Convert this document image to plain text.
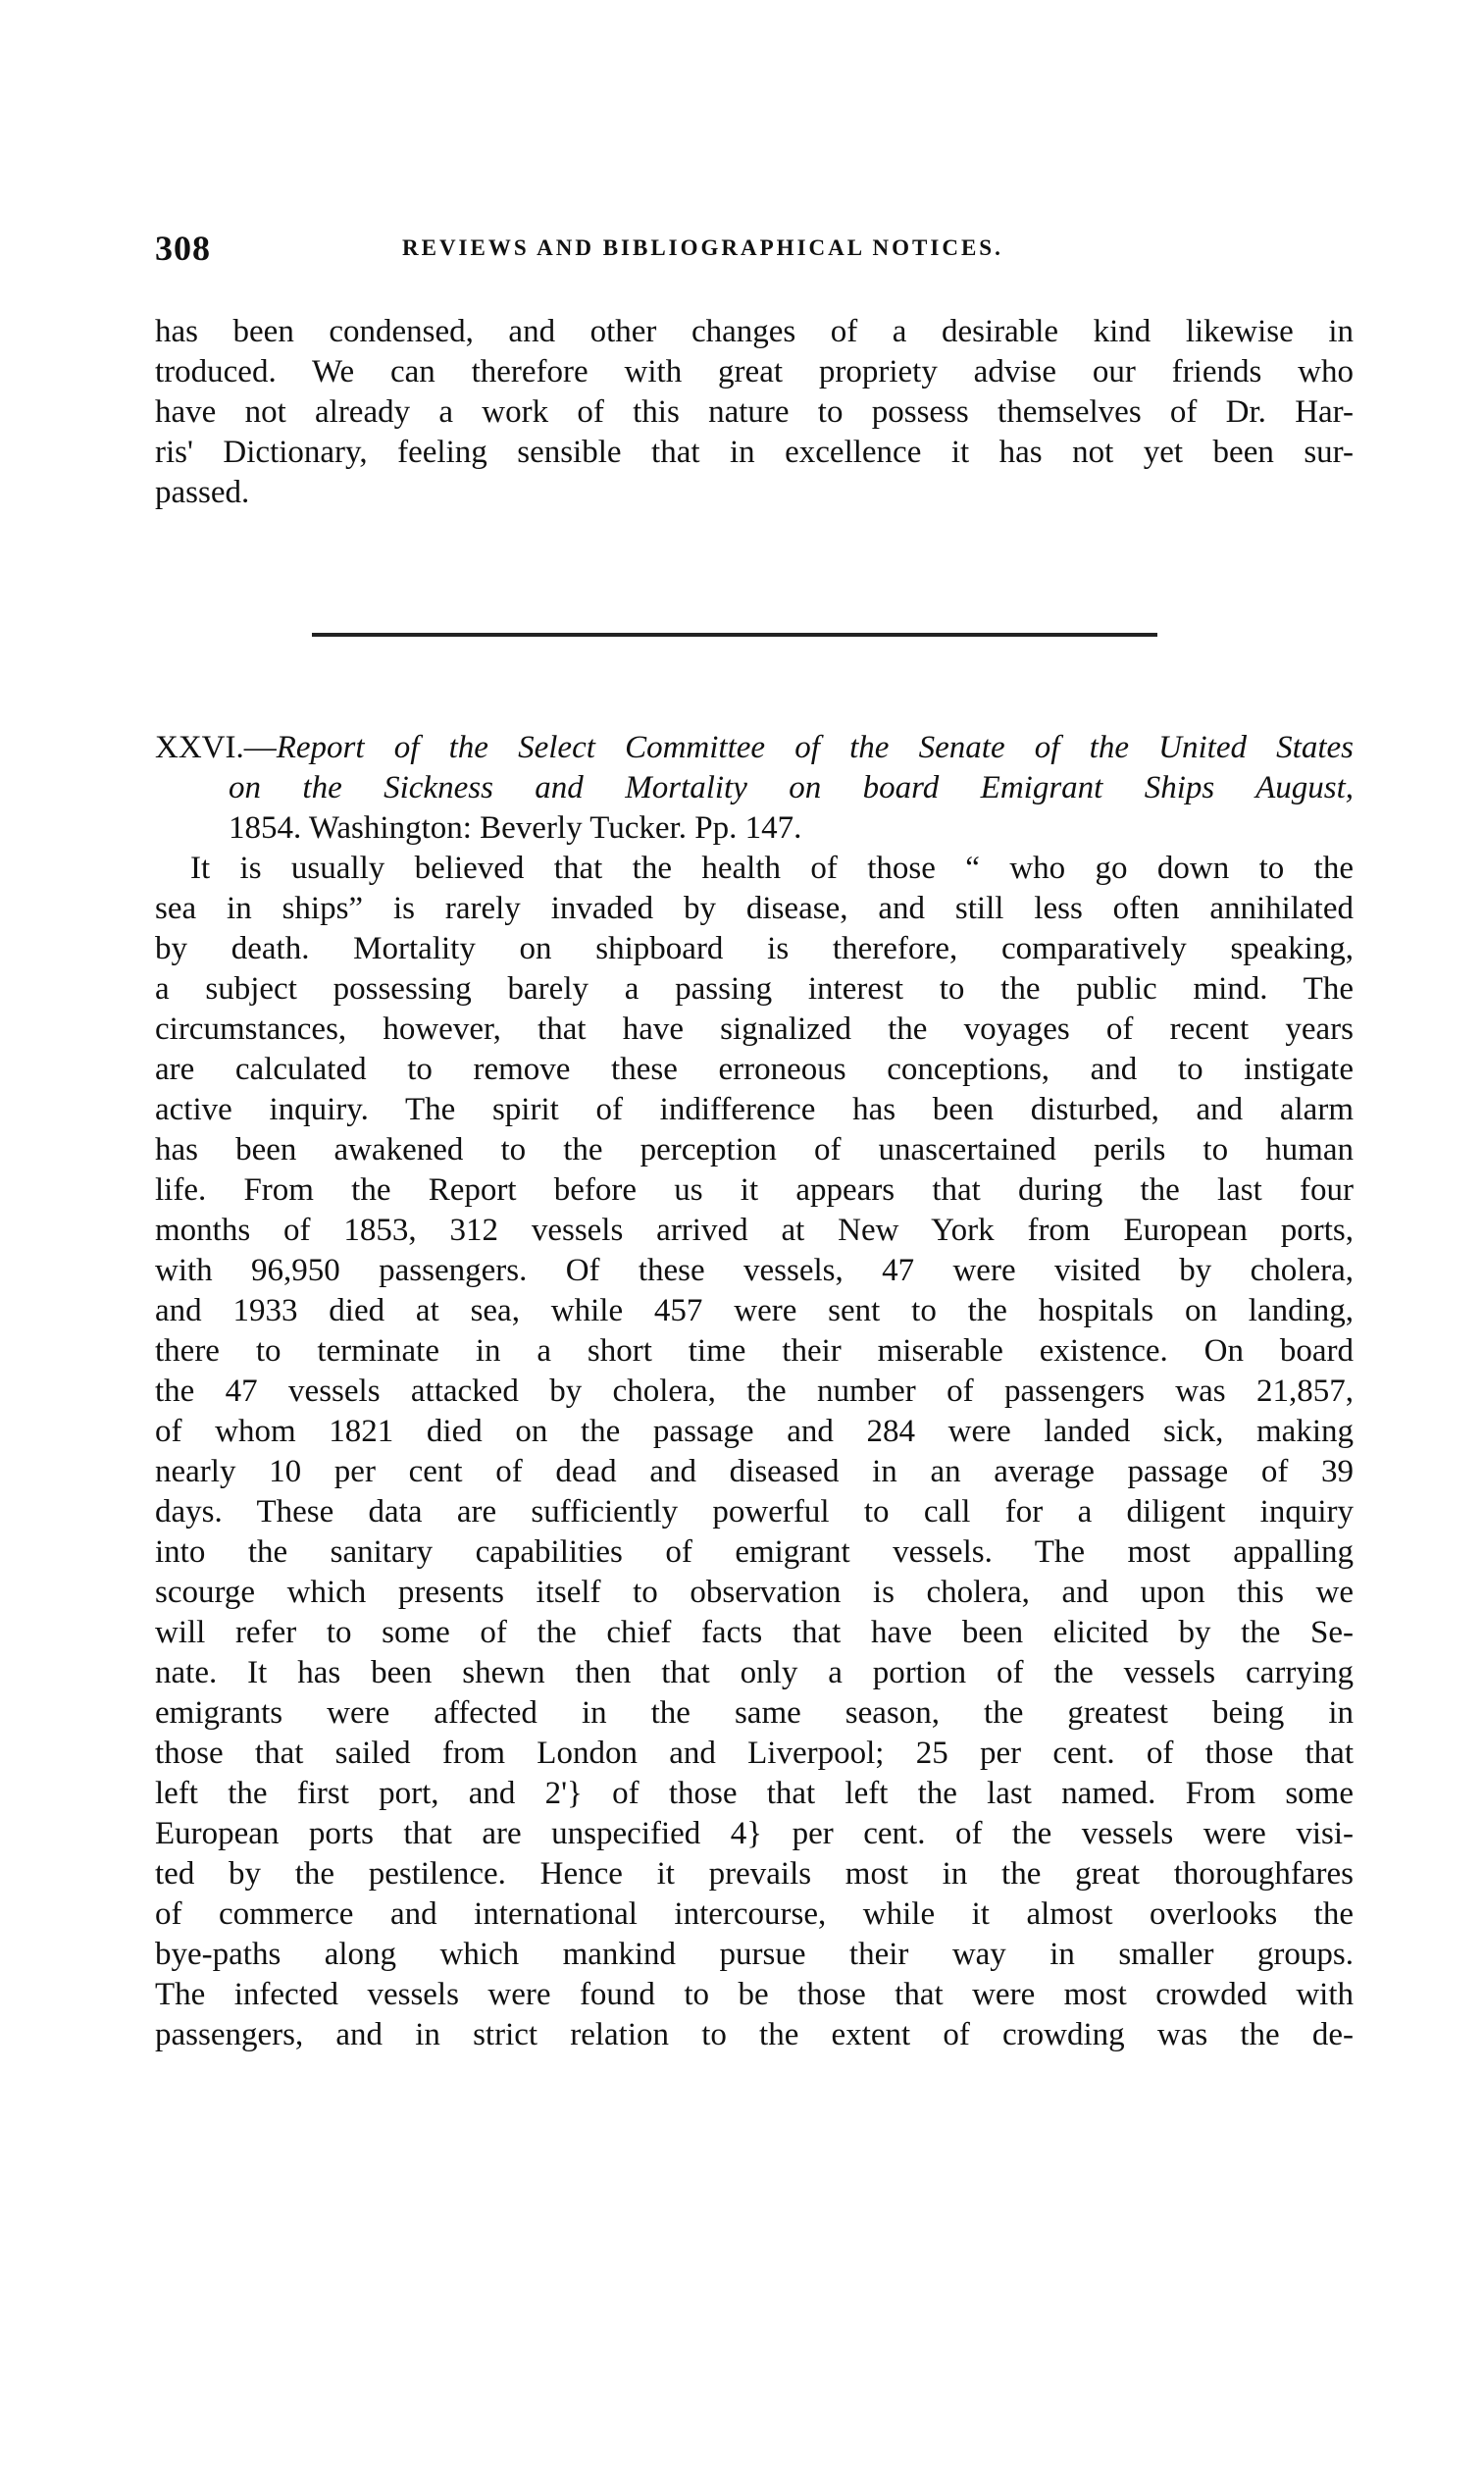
308	REVIEWS AND BIBLIOGRAPHICAL NOTICES.
has been condensed, and other changes of a desirable kind likewise in
troduced. We can therefore with great propriety advise our friends who
have not already a work of this nature to possess themselves of Dr. Har-
ris' Dictionary, feeling sensible that in excellence it has not yet been sur-
passed.
XXVI.—Report of the Select Committee of the Senate of the United States
on the Sickness and Mortality on board Emigrant Ships August,
1854. Washington: Beverly Tucker. Pp. 147.
It is usually believed that the health of those “ who go down to the
sea in ships” is rarely invaded by disease, and still less often annihilated
by death. Mortality on shipboard is therefore, comparatively speaking,
a subject possessing barely a passing interest to the public mind. The
circumstances, however, that have signalized the voyages of recent years
are calculated to remove these erroneous conceptions, and to instigate
active inquiry. The spirit of indifference has been disturbed, and alarm
has been awakened to the perception of unascertained perils to human
life. From the Report before us it appears that during the last four
months of 1853, 312 vessels arrived at New York from European ports,
with 96,950 passengers. Of these vessels, 47 were visited by cholera,
and 1933 died at sea, while 457 were sent to the hospitals on landing,
there to terminate in a short time their miserable existence. On board
the 47 vessels attacked by cholera, the number of passengers was 21,857,
of whom 1821 died on the passage and 284 were landed sick, making
nearly 10 per cent of dead and diseased in an average passage of 39
days. These data are sufficiently powerful to call for a diligent inquiry
into the sanitary capabilities of emigrant vessels. The most appalling
scourge which presents itself to observation is cholera, and upon this we
will refer to some of the chief facts that have been elicited by the Se-
nate. It has been shewn then that only a portion of the vessels carrying
emigrants were affected in the same season, the greatest being in
those that sailed from London and Liverpool; 25 per cent. of those that
left the first port, and 2'} of those that left the last named. From some
European ports that are unspecified 4} per cent. of the vessels were visi-
ted by the pestilence. Hence it prevails most in the great thoroughfares
of commerce and international intercourse, while it almost overlooks the
bye-paths along which mankind pursue their way in smaller groups.
The infected vessels were found to be those that were most crowded with
passengers, and in strict relation to the extent of crowding was the de-
